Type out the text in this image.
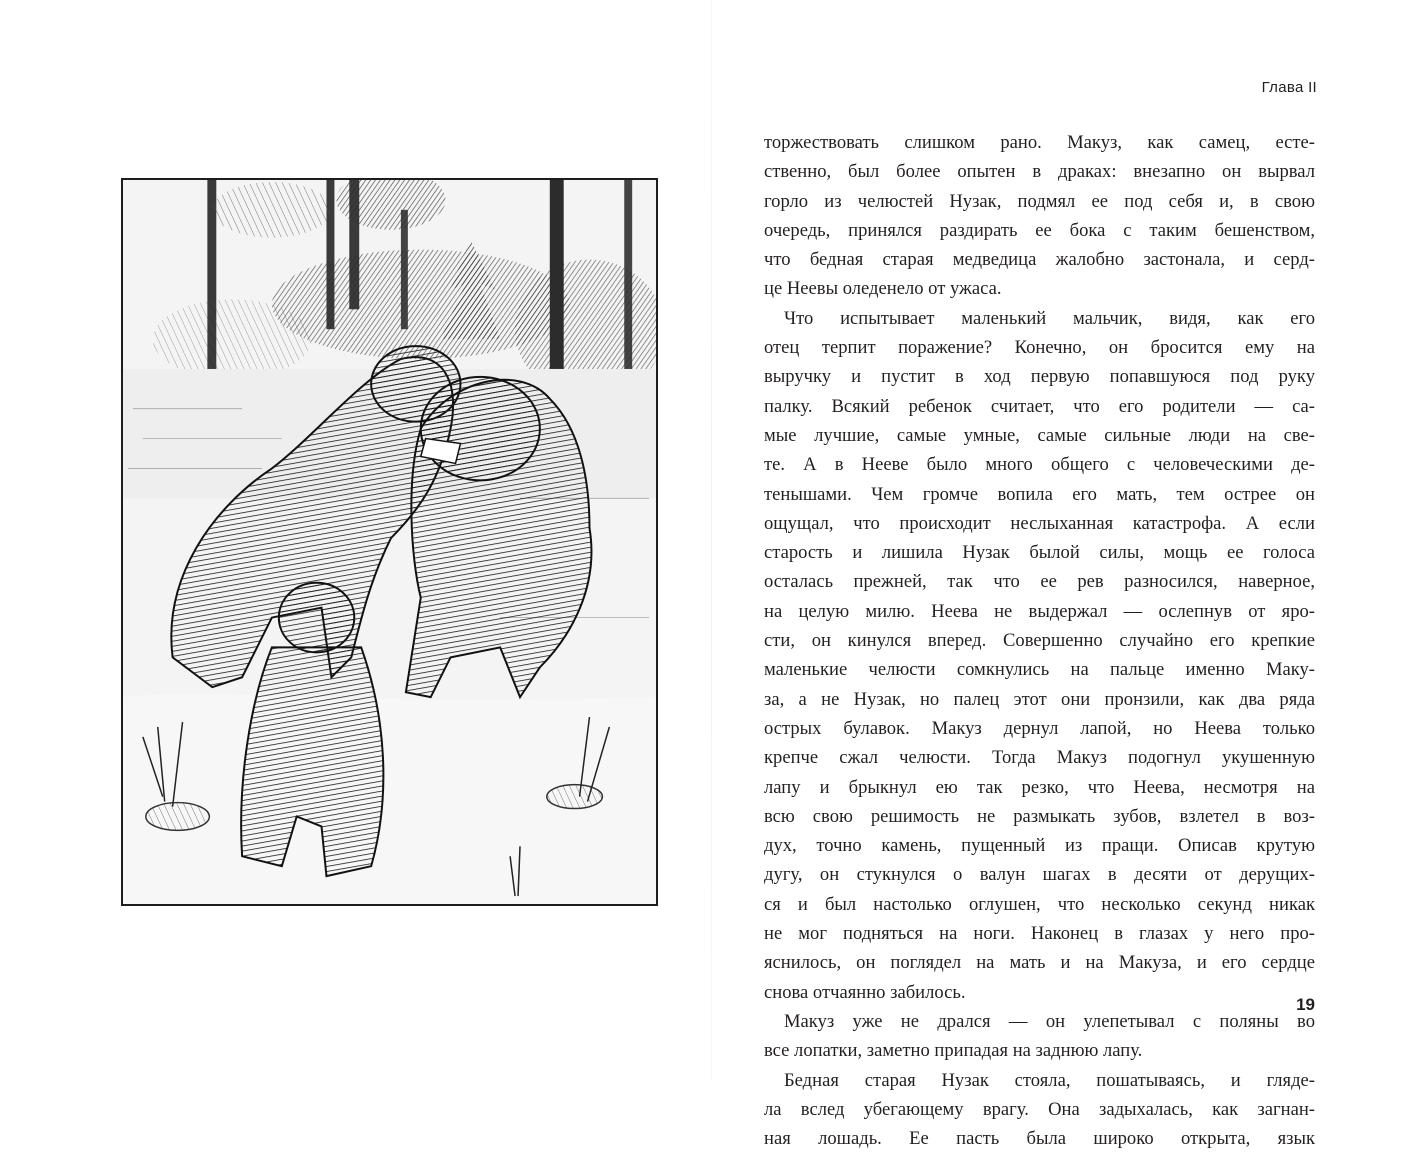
Глава II
торжествовать слишком рано. Макуз, как самец, есте-
ственно, был более опытен в драках: внезапно он вырвал
горло из челюстей Нузак, подмял ее под себя и, в свою
очередь, принялся раздирать ее бока с таким бешенством,
что бедная старая медведица жалобно застонала, и серд-
це Неевы оледенело от ужаса.
Что испытывает маленький мальчик, видя, как его
отец терпит поражение? Конечно, он бросится ему на
выручку и пустит в ход первую попавшуюся под руку
палку. Всякий ребенок считает, что его родители — са-
мые лучшие, самые умные, самые сильные люди на све-
те. А в Нееве было много общего с человеческими де-
тенышами. Чем громче вопила его мать, тем острее он
ощущал, что происходит неслыханная катастрофа. А если
старость и лишила Нузак былой силы, мощь ее голоса
осталась прежней, так что ее рев разносился, наверное,
на целую милю. Неева не выдержал — ослепнув от яро-
сти, он кинулся вперед. Совершенно случайно его крепкие
маленькие челюсти сомкнулись на пальце именно Маку-
за, а не Нузак, но палец этот они пронзили, как два ряда
острых булавок. Макуз дернул лапой, но Неева только
крепче сжал челюсти. Тогда Макуз подогнул укушенную
лапу и брыкнул ею так резко, что Неева, несмотря на
всю свою решимость не размыкать зубов, взлетел в воз-
дух, точно камень, пущенный из пращи. Описав крутую
дугу, он стукнулся о валун шагах в десяти от дерущих-
ся и был настолько оглушен, что несколько секунд никак
не мог подняться на ноги. Наконец в глазах у него про-
яснилось, он поглядел на мать и на Макуза, и его сердце
снова отчаянно забилось.
Макуз уже не дрался — он улепетывал с поляны во
все лопатки, заметно припадая на заднюю лапу.
Бедная старая Нузак стояла, пошатываясь, и гляде-
ла вслед убегающему врагу. Она задыхалась, как загнан-
ная лошадь. Ее пасть была широко открыта, язык
19
